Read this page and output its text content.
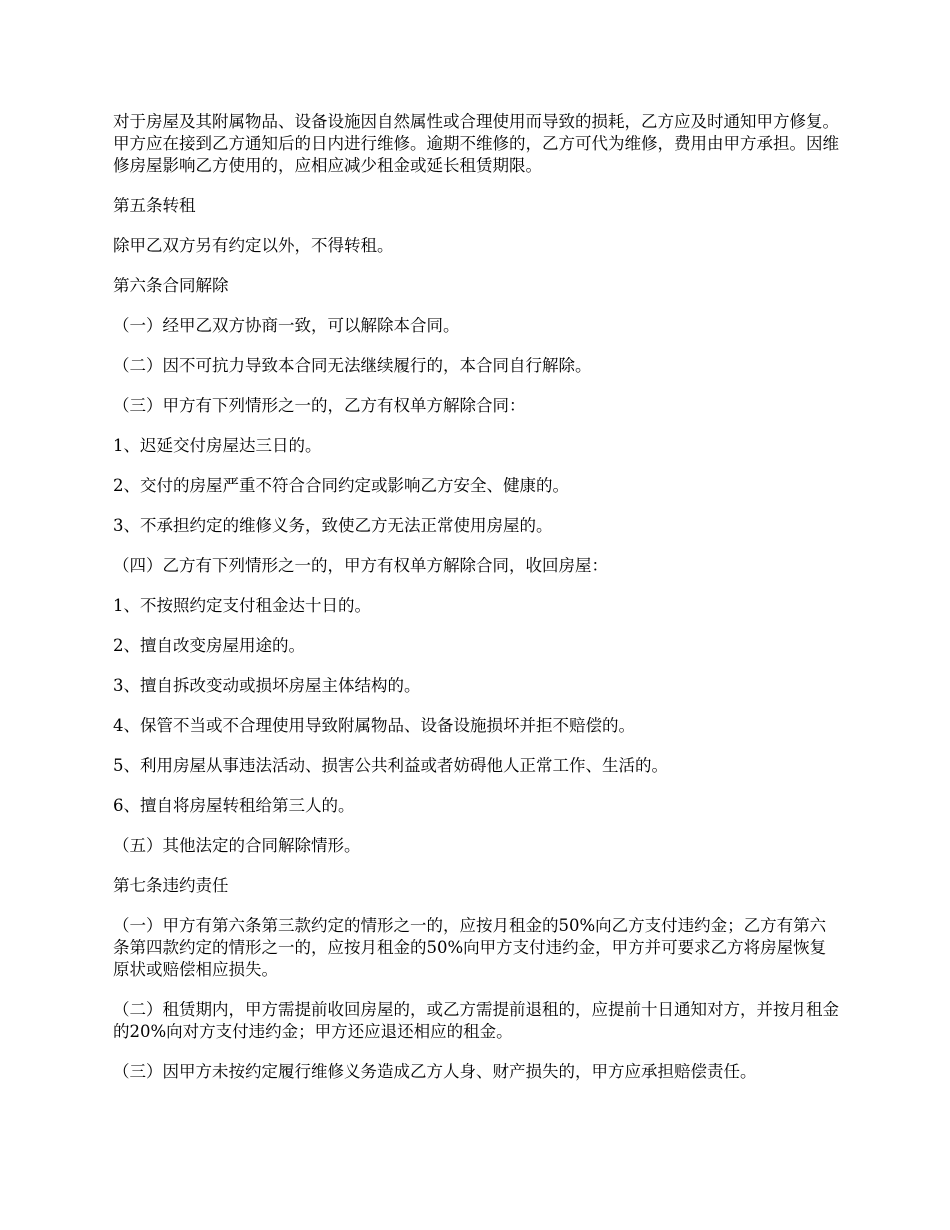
对于房屋及其附属物品、设备设施因自然属性或合理使用而导致的损耗，乙方应及时通知甲方修复。甲方应在接到乙方通知后的日内进行维修。逾期不维修的，乙方可代为维修，费用由甲方承担。因维修房屋影响乙方使用的，应相应减少租金或延长租赁期限。

第五条转租

除甲乙双方另有约定以外，不得转租。

第六条合同解除

（一）经甲乙双方协商一致，可以解除本合同。

（二）因不可抗力导致本合同无法继续履行的，本合同自行解除。

（三）甲方有下列情形之一的，乙方有权单方解除合同：

1、迟延交付房屋达三日的。

2、交付的房屋严重不符合合同约定或影响乙方安全、健康的。

3、不承担约定的维修义务，致使乙方无法正常使用房屋的。

（四）乙方有下列情形之一的，甲方有权单方解除合同，收回房屋：

1、不按照约定支付租金达十日的。

2、擅自改变房屋用途的。

3、擅自拆改变动或损坏房屋主体结构的。

4、保管不当或不合理使用导致附属物品、设备设施损坏并拒不赔偿的。

5、利用房屋从事违法活动、损害公共利益或者妨碍他人正常工作、生活的。

6、擅自将房屋转租给第三人的。

（五）其他法定的合同解除情形。

第七条违约责任

（一）甲方有第六条第三款约定的情形之一的，应按月租金的50%向乙方支付违约金；乙方有第六条第四款约定的情形之一的，应按月租金的50%向甲方支付违约金，甲方并可要求乙方将房屋恢复原状或赔偿相应损失。

（二）租赁期内，甲方需提前收回房屋的，或乙方需提前退租的，应提前十日通知对方，并按月租金的20%向对方支付违约金；甲方还应退还相应的租金。

（三）因甲方未按约定履行维修义务造成乙方人身、财产损失的，甲方应承担赔偿责任。
